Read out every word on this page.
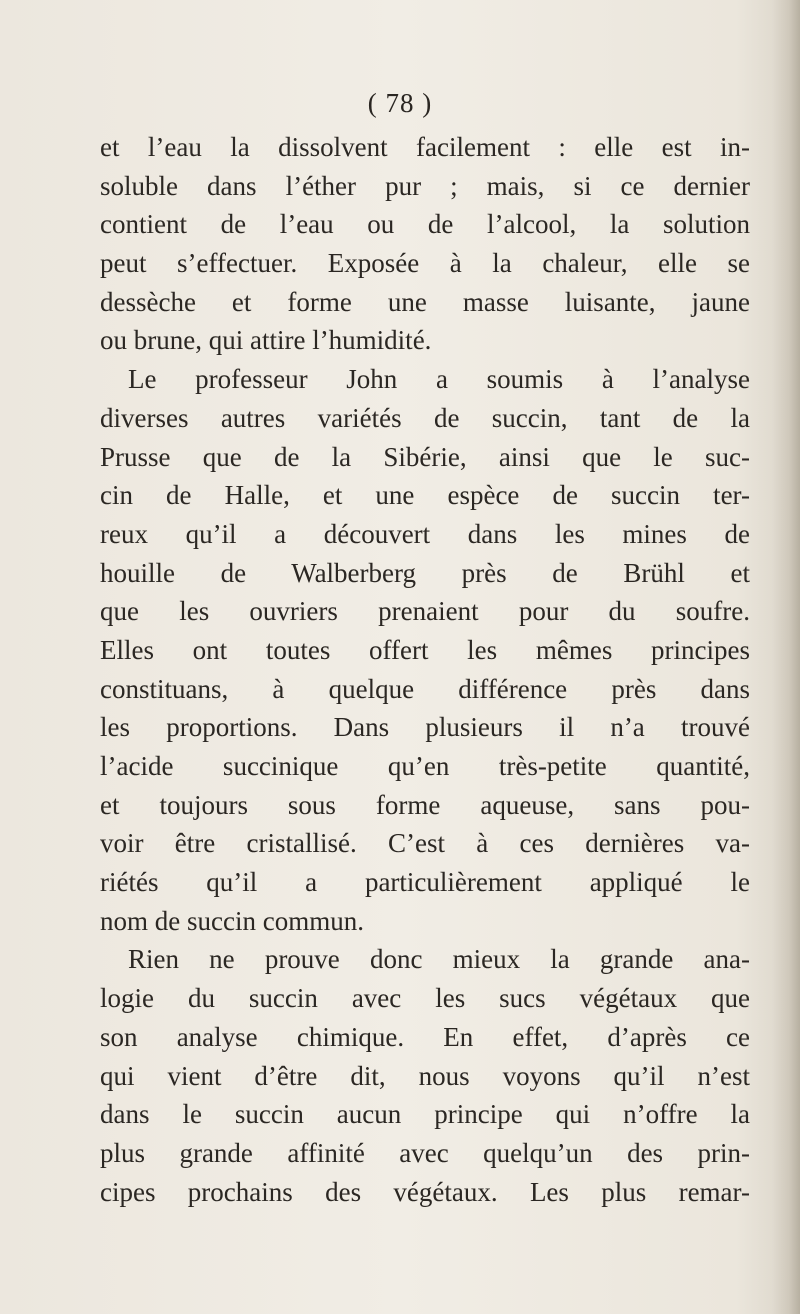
( 78 )
et l’eau la dissolvent facilement : elle est in-
soluble dans l’éther pur ; mais, si ce dernier
contient de l’eau ou de l’alcool, la solution
peut s’effectuer. Exposée à la chaleur, elle se
dessèche et forme une masse luisante, jaune
ou brune, qui attire l’humidité.
Le professeur John a soumis à l’analyse
diverses autres variétés de succin, tant de la
Prusse que de la Sibérie, ainsi que le suc-
cin de Halle, et une espèce de succin ter-
reux qu’il a découvert dans les mines de
houille de Walberberg près de Brühl et
que les ouvriers prenaient pour du soufre.
Elles ont toutes offert les mêmes principes
constituans, à quelque différence près dans
les proportions. Dans plusieurs il n’a trouvé
l’acide succinique qu’en très-petite quantité,
et toujours sous forme aqueuse, sans pou-
voir être cristallisé. C’est à ces dernières va-
riétés qu’il a particulièrement appliqué le
nom de succin commun.
Rien ne prouve donc mieux la grande ana-
logie du succin avec les sucs végétaux que
son analyse chimique. En effet, d’après ce
qui vient d’être dit, nous voyons qu’il n’est
dans le succin aucun principe qui n’offre la
plus grande affinité avec quelqu’un des prin-
cipes prochains des végétaux. Les plus remar-
